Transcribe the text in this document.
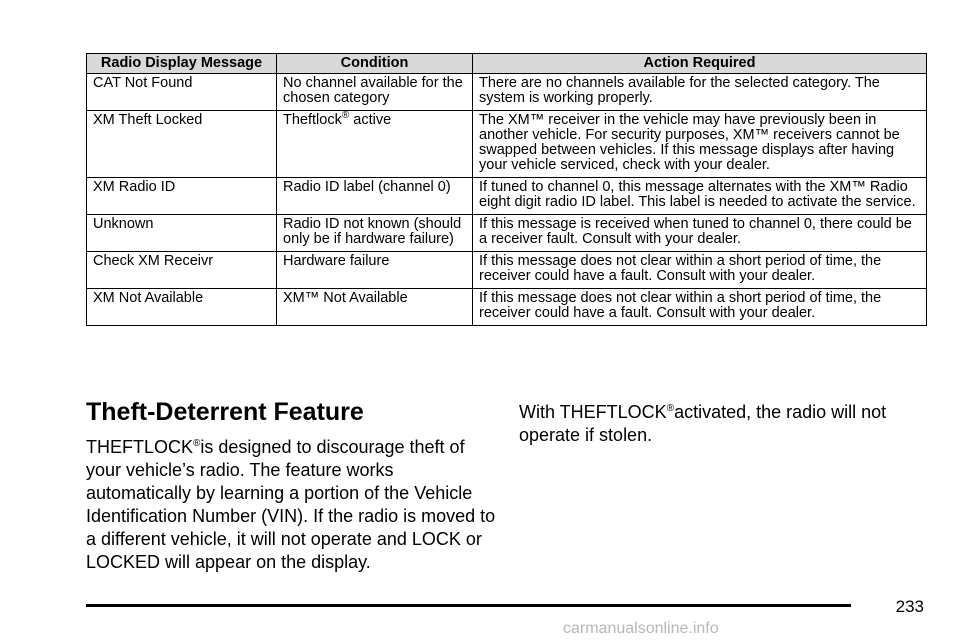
Radio Display Message	Condition	Action Required
CAT Not Found	No channel available for the chosen category	There are no channels available for the selected category. The system is working properly.
XM Theft Locked	Theftlock® active	The XM™ receiver in the vehicle may have previously been in another vehicle. For security purposes, XM™ receivers cannot be swapped between vehicles. If this message displays after having your vehicle serviced, check with your dealer.
XM Radio ID	Radio ID label (channel 0)	If tuned to channel 0, this message alternates with the XM™ Radio eight digit radio ID label. This label is needed to activate the service.
Unknown	Radio ID not known (should only be if hardware failure)	If this message is received when tuned to channel 0, there could be a receiver fault. Consult with your dealer.
Check XM Receivr	Hardware failure	If this message does not clear within a short period of time, the receiver could have a fault. Consult with your dealer.
XM Not Available	XM™ Not Available	If this message does not clear within a short period of time, the receiver could have a fault. Consult with your dealer.
Theft-Deterrent Feature

THEFTLOCK®is designed to discourage theft of your vehicle’s radio. The feature works automatically by learning a portion of the Vehicle Identification Number (VIN). If the radio is moved to a different vehicle, it will not operate and LOCK or LOCKED will appear on the display.

With THEFTLOCK®activated, the radio will not operate if stolen.

233
carmanualsonline.info
